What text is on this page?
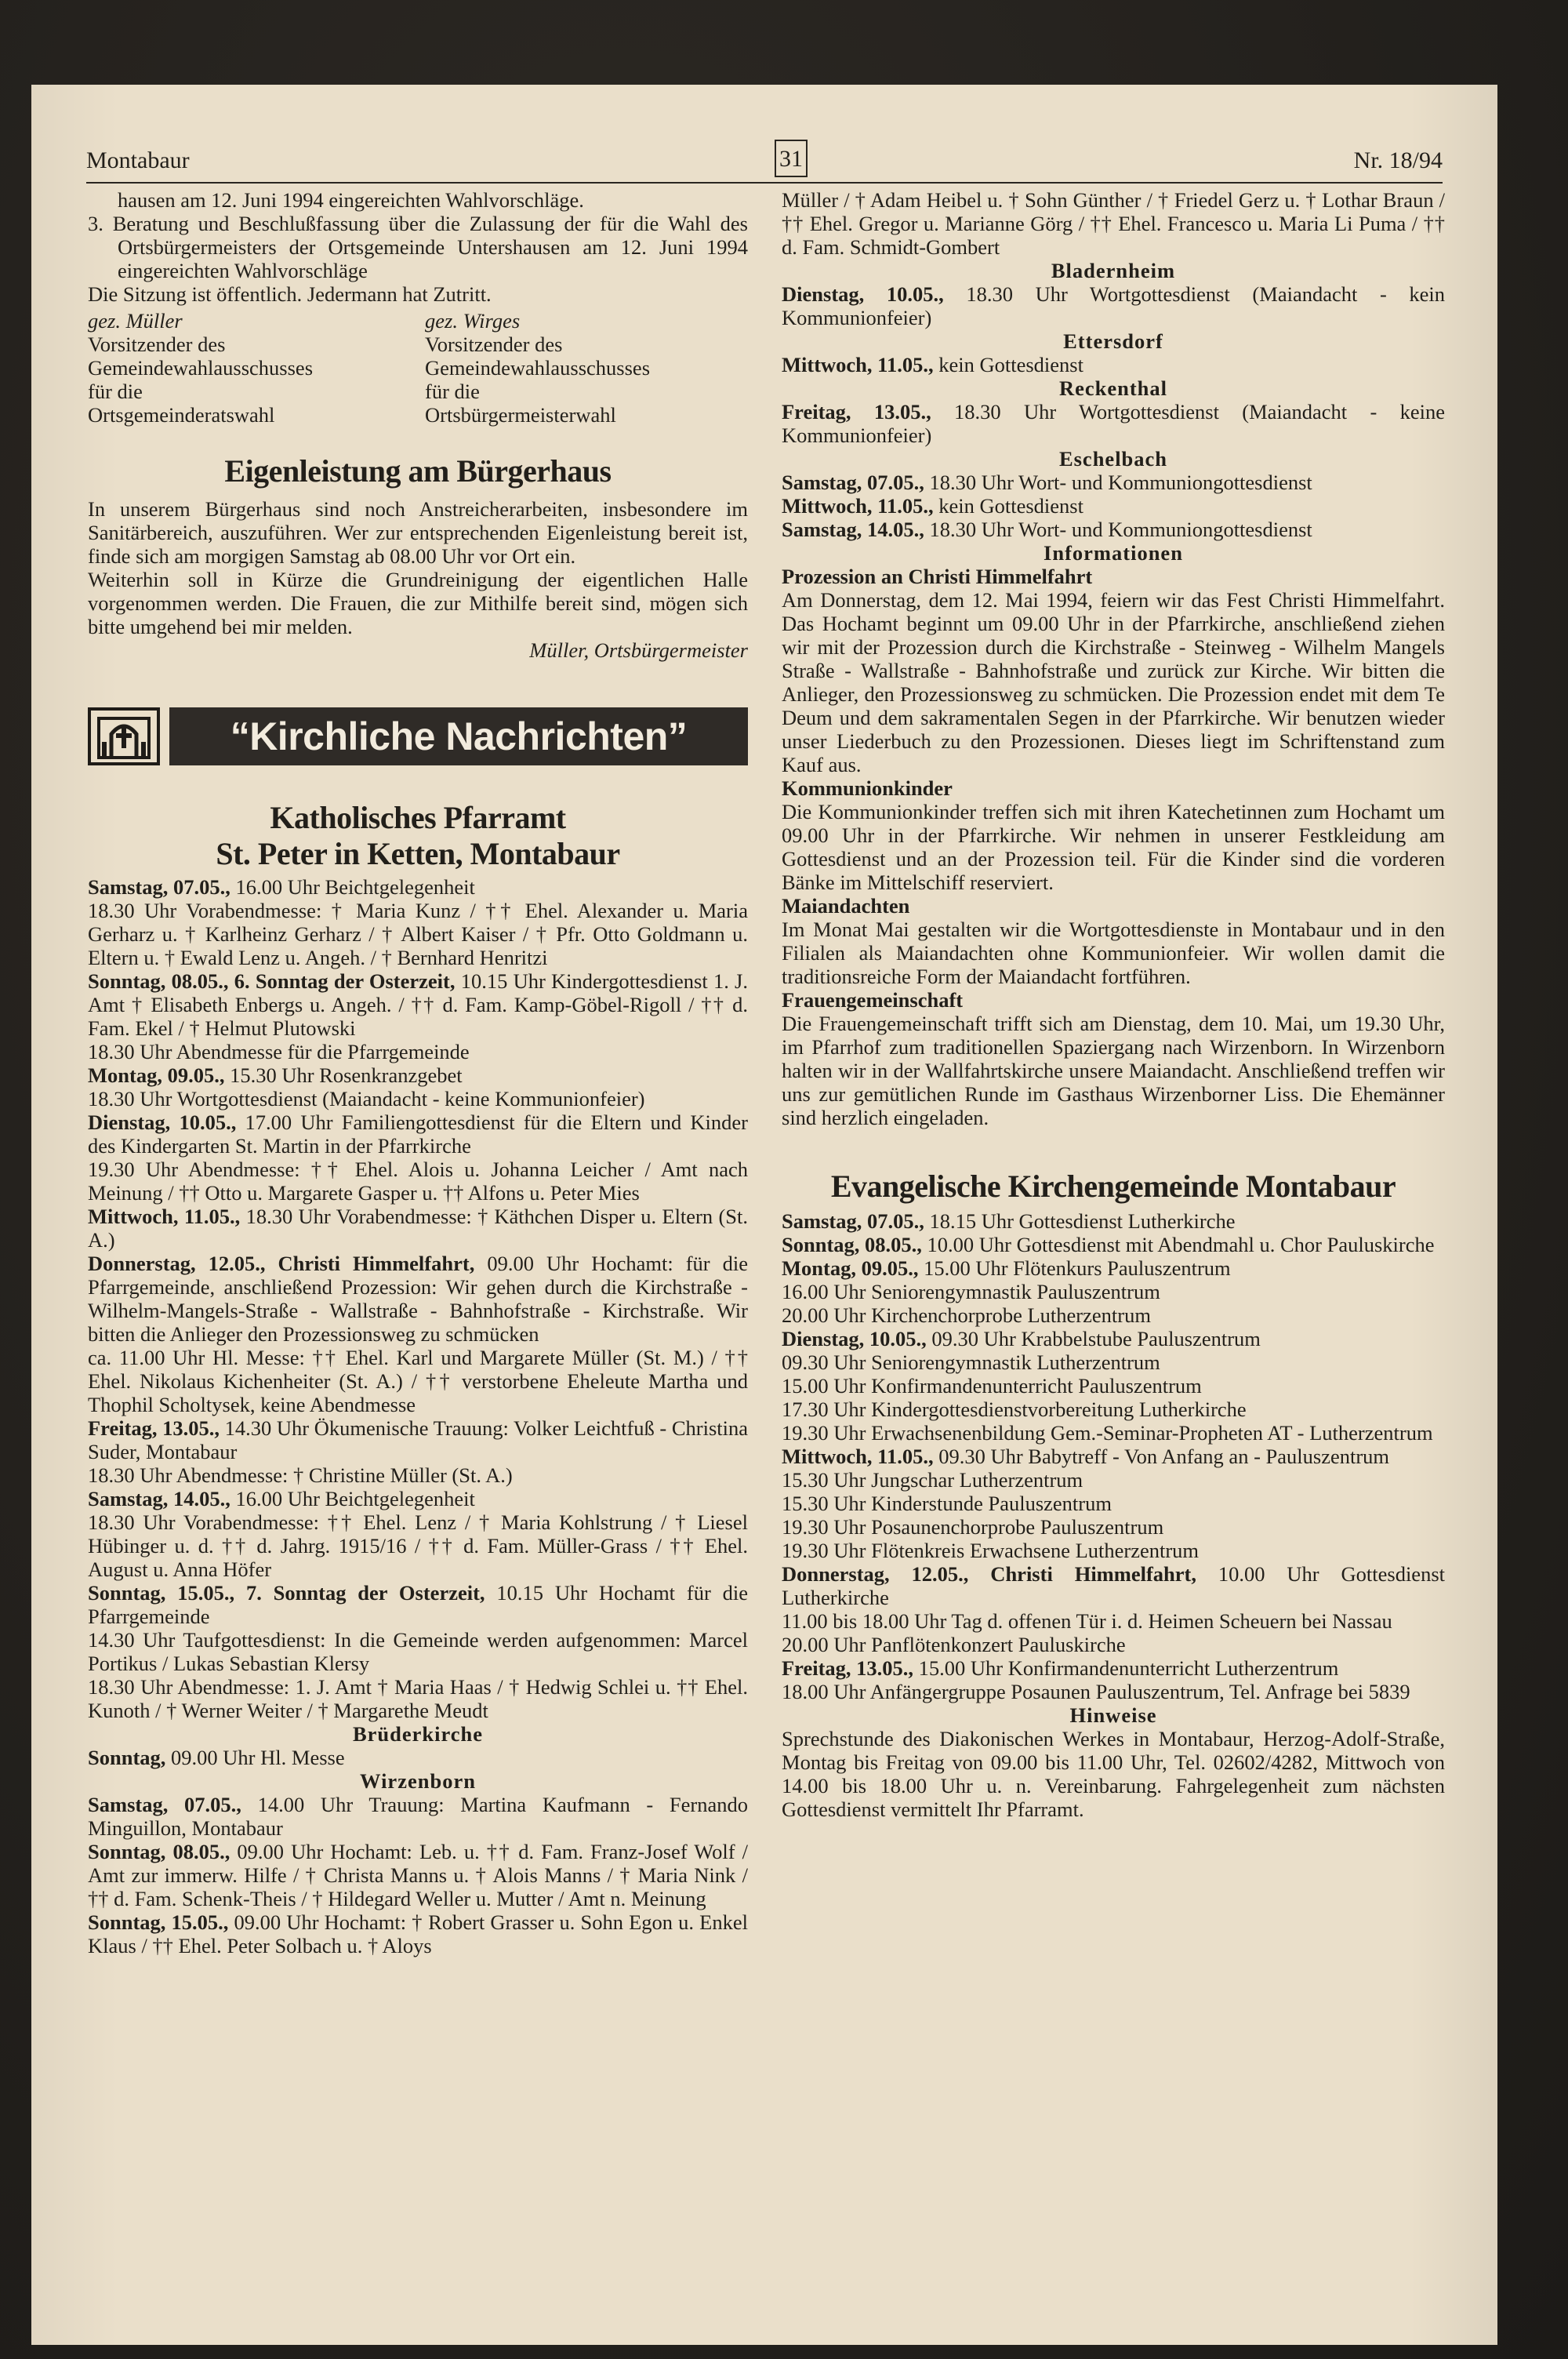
Montabaur	31	Nr. 18/94

hausen am 12. Juni 1994 eingereichten Wahlvorschläge.

3. Beratung und Beschlußfassung über die Zulassung der für die Wahl des Ortsbürgermeisters der Ortsgemeinde Untershausen am 12. Juni 1994 eingereichten Wahlvorschläge

Die Sitzung ist öffentlich. Jedermann hat Zutritt.

gez. Müller
Vorsitzender des
Gemeindewahlausschusses
für die
Ortsgemeinderatswahl
gez. Wirges
Vorsitzender des
Gemeindewahlausschusses
für die
Ortsbürgermeisterwahl
Eigenleistung am Bürgerhaus

In unserem Bürgerhaus sind noch Anstreicherarbeiten, insbesondere im Sanitärbereich, auszuführen. Wer zur entsprechenden Eigenleistung bereit ist, finde sich am morgigen Samstag ab 08.00 Uhr vor Ort ein.

Weiterhin soll in Kürze die Grundreinigung der eigentlichen Halle vorgenommen werden. Die Frauen, die zur Mithilfe bereit sind, mögen sich bitte umgehend bei mir melden.

Müller, Ortsbürgermeister

“Kirchliche Nachrichten”
Katholisches Pfarramt
St. Peter in Ketten, Montabaur

Samstag, 07.05., 16.00 Uhr Beichtgelegenheit

18.30 Uhr Vorabendmesse: † Maria Kunz / †† Ehel. Alexander u. Maria Gerharz u. † Karlheinz Gerharz / † Albert Kaiser / † Pfr. Otto Goldmann u. Eltern u. † Ewald Lenz u. Angeh. / † Bernhard Henritzi

Sonntag, 08.05., 6. Sonntag der Osterzeit, 10.15 Uhr Kindergottesdienst 1. J. Amt † Elisabeth Enbergs u. Angeh. / †† d. Fam. Kamp-Göbel-Rigoll / †† d. Fam. Ekel / † Helmut Plutowski

18.30 Uhr Abendmesse für die Pfarrgemeinde

Montag, 09.05., 15.30 Uhr Rosenkranzgebet

18.30 Uhr Wortgottesdienst (Maiandacht - keine Kommunionfeier)

Dienstag, 10.05., 17.00 Uhr Familiengottesdienst für die Eltern und Kinder des Kindergarten St. Martin in der Pfarrkirche

19.30 Uhr Abendmesse: †† Ehel. Alois u. Johanna Leicher / Amt nach Meinung / †† Otto u. Margarete Gasper u. †† Alfons u. Peter Mies

Mittwoch, 11.05., 18.30 Uhr Vorabendmesse: † Käthchen Disper u. Eltern (St. A.)

Donnerstag, 12.05., Christi Himmelfahrt, 09.00 Uhr Hochamt: für die Pfarrgemeinde, anschließend Prozession: Wir gehen durch die Kirchstraße - Wilhelm-Mangels-Straße - Wallstraße - Bahnhofstraße - Kirchstraße. Wir bitten die Anlieger den Prozessionsweg zu schmücken

ca. 11.00 Uhr Hl. Messe: †† Ehel. Karl und Margarete Müller (St. M.) / †† Ehel. Nikolaus Kichenheiter (St. A.) / †† verstorbene Eheleute Martha und Thophil Scholtysek, keine Abendmesse

Freitag, 13.05., 14.30 Uhr Ökumenische Trauung: Volker Leichtfuß - Christina Suder, Montabaur

18.30 Uhr Abendmesse: † Christine Müller (St. A.)

Samstag, 14.05., 16.00 Uhr Beichtgelegenheit

18.30 Uhr Vorabendmesse: †† Ehel. Lenz / † Maria Kohlstrung / † Liesel Hübinger u. d. †† d. Jahrg. 1915/16 / †† d. Fam. Müller-Grass / †† Ehel. August u. Anna Höfer

Sonntag, 15.05., 7. Sonntag der Osterzeit, 10.15 Uhr Hochamt für die Pfarrgemeinde

14.30 Uhr Taufgottesdienst: In die Gemeinde werden aufgenommen: Marcel Portikus / Lukas Sebastian Klersy

18.30 Uhr Abendmesse: 1. J. Amt † Maria Haas / † Hedwig Schlei u. †† Ehel. Kunoth / † Werner Weiter / † Margarethe Meudt

Brüderkirche

Sonntag, 09.00 Uhr Hl. Messe

Wirzenborn

Samstag, 07.05., 14.00 Uhr Trauung: Martina Kaufmann - Fernando Minguillon, Montabaur

Sonntag, 08.05., 09.00 Uhr Hochamt: Leb. u. †† d. Fam. Franz-Josef Wolf / Amt zur immerw. Hilfe / † Christa Manns u. † Alois Manns / † Maria Nink / †† d. Fam. Schenk-Theis / † Hildegard Weller u. Mutter / Amt n. Meinung

Sonntag, 15.05., 09.00 Uhr Hochamt: † Robert Grasser u. Sohn Egon u. Enkel Klaus / †† Ehel. Peter Solbach u. † Aloys

Müller / † Adam Heibel u. † Sohn Günther / † Friedel Gerz u. † Lothar Braun / †† Ehel. Gregor u. Marianne Görg / †† Ehel. Francesco u. Maria Li Puma / †† d. Fam. Schmidt-Gombert

Bladernheim

Dienstag, 10.05., 18.30 Uhr Wortgottesdienst (Maiandacht - kein Kommunionfeier)

Ettersdorf

Mittwoch, 11.05., kein Gottesdienst

Reckenthal

Freitag, 13.05., 18.30 Uhr Wortgottesdienst (Maiandacht - keine Kommunionfeier)

Eschelbach

Samstag, 07.05., 18.30 Uhr Wort- und Kommuniongottesdienst

Mittwoch, 11.05., kein Gottesdienst

Samstag, 14.05., 18.30 Uhr Wort- und Kommuniongottesdienst

Informationen
Prozession an Christi Himmelfahrt

Am Donnerstag, dem 12. Mai 1994, feiern wir das Fest Christi Himmelfahrt. Das Hochamt beginnt um 09.00 Uhr in der Pfarrkirche, anschließend ziehen wir mit der Prozession durch die Kirchstraße - Steinweg - Wilhelm Mangels Straße - Wallstraße - Bahnhofstraße und zurück zur Kirche. Wir bitten die Anlieger, den Prozessionsweg zu schmücken. Die Prozession endet mit dem Te Deum und dem sakramentalen Segen in der Pfarrkirche. Wir benutzen wieder unser Liederbuch zu den Prozessionen. Dieses liegt im Schriftenstand zum Kauf aus.

Kommunionkinder

Die Kommunionkinder treffen sich mit ihren Katechetinnen zum Hochamt um 09.00 Uhr in der Pfarrkirche. Wir nehmen in unserer Festkleidung am Gottesdienst und an der Prozession teil. Für die Kinder sind die vorderen Bänke im Mittelschiff reserviert.

Maiandachten

Im Monat Mai gestalten wir die Wortgottesdienste in Montabaur und in den Filialen als Maiandachten ohne Kommunionfeier. Wir wollen damit die traditionsreiche Form der Maiandacht fortführen.

Frauengemeinschaft

Die Frauengemeinschaft trifft sich am Dienstag, dem 10. Mai, um 19.30 Uhr, im Pfarrhof zum traditionellen Spaziergang nach Wirzenborn. In Wirzenborn halten wir in der Wallfahrtskirche unsere Maiandacht. Anschließend treffen wir uns zur gemütlichen Runde im Gasthaus Wirzenborner Liss. Die Ehemänner sind herzlich eingeladen.

Evangelische Kirchengemeinde Montabaur

Samstag, 07.05., 18.15 Uhr Gottesdienst Lutherkirche

Sonntag, 08.05., 10.00 Uhr Gottesdienst mit Abendmahl u. Chor Pauluskirche

Montag, 09.05., 15.00 Uhr Flötenkurs Pauluszentrum

16.00 Uhr Seniorengymnastik Pauluszentrum

20.00 Uhr Kirchenchorprobe Lutherzentrum

Dienstag, 10.05., 09.30 Uhr Krabbelstube Pauluszentrum

09.30 Uhr Seniorengymnastik Lutherzentrum

15.00 Uhr Konfirmandenunterricht Pauluszentrum

17.30 Uhr Kindergottesdienstvorbereitung Lutherkirche

19.30 Uhr Erwachsenenbildung Gem.-Seminar-Propheten AT - Lutherzentrum

Mittwoch, 11.05., 09.30 Uhr Babytreff - Von Anfang an - Pauluszentrum

15.30 Uhr Jungschar Lutherzentrum

15.30 Uhr Kinderstunde Pauluszentrum

19.30 Uhr Posaunenchorprobe Pauluszentrum

19.30 Uhr Flötenkreis Erwachsene Lutherzentrum

Donnerstag, 12.05., Christi Himmelfahrt, 10.00 Uhr Gottesdienst Lutherkirche

11.00 bis 18.00 Uhr Tag d. offenen Tür i. d. Heimen Scheuern bei Nassau

20.00 Uhr Panflötenkonzert Pauluskirche

Freitag, 13.05., 15.00 Uhr Konfirmandenunterricht Lutherzentrum

18.00 Uhr Anfängergruppe Posaunen Pauluszentrum, Tel. Anfrage bei 5839

Hinweise

Sprechstunde des Diakonischen Werkes in Montabaur, Herzog-Adolf-Straße, Montag bis Freitag von 09.00 bis 11.00 Uhr, Tel. 02602/4282, Mittwoch von 14.00 bis 18.00 Uhr u. n. Vereinbarung. Fahrgelegenheit zum nächsten Gottesdienst vermittelt Ihr Pfarramt.
